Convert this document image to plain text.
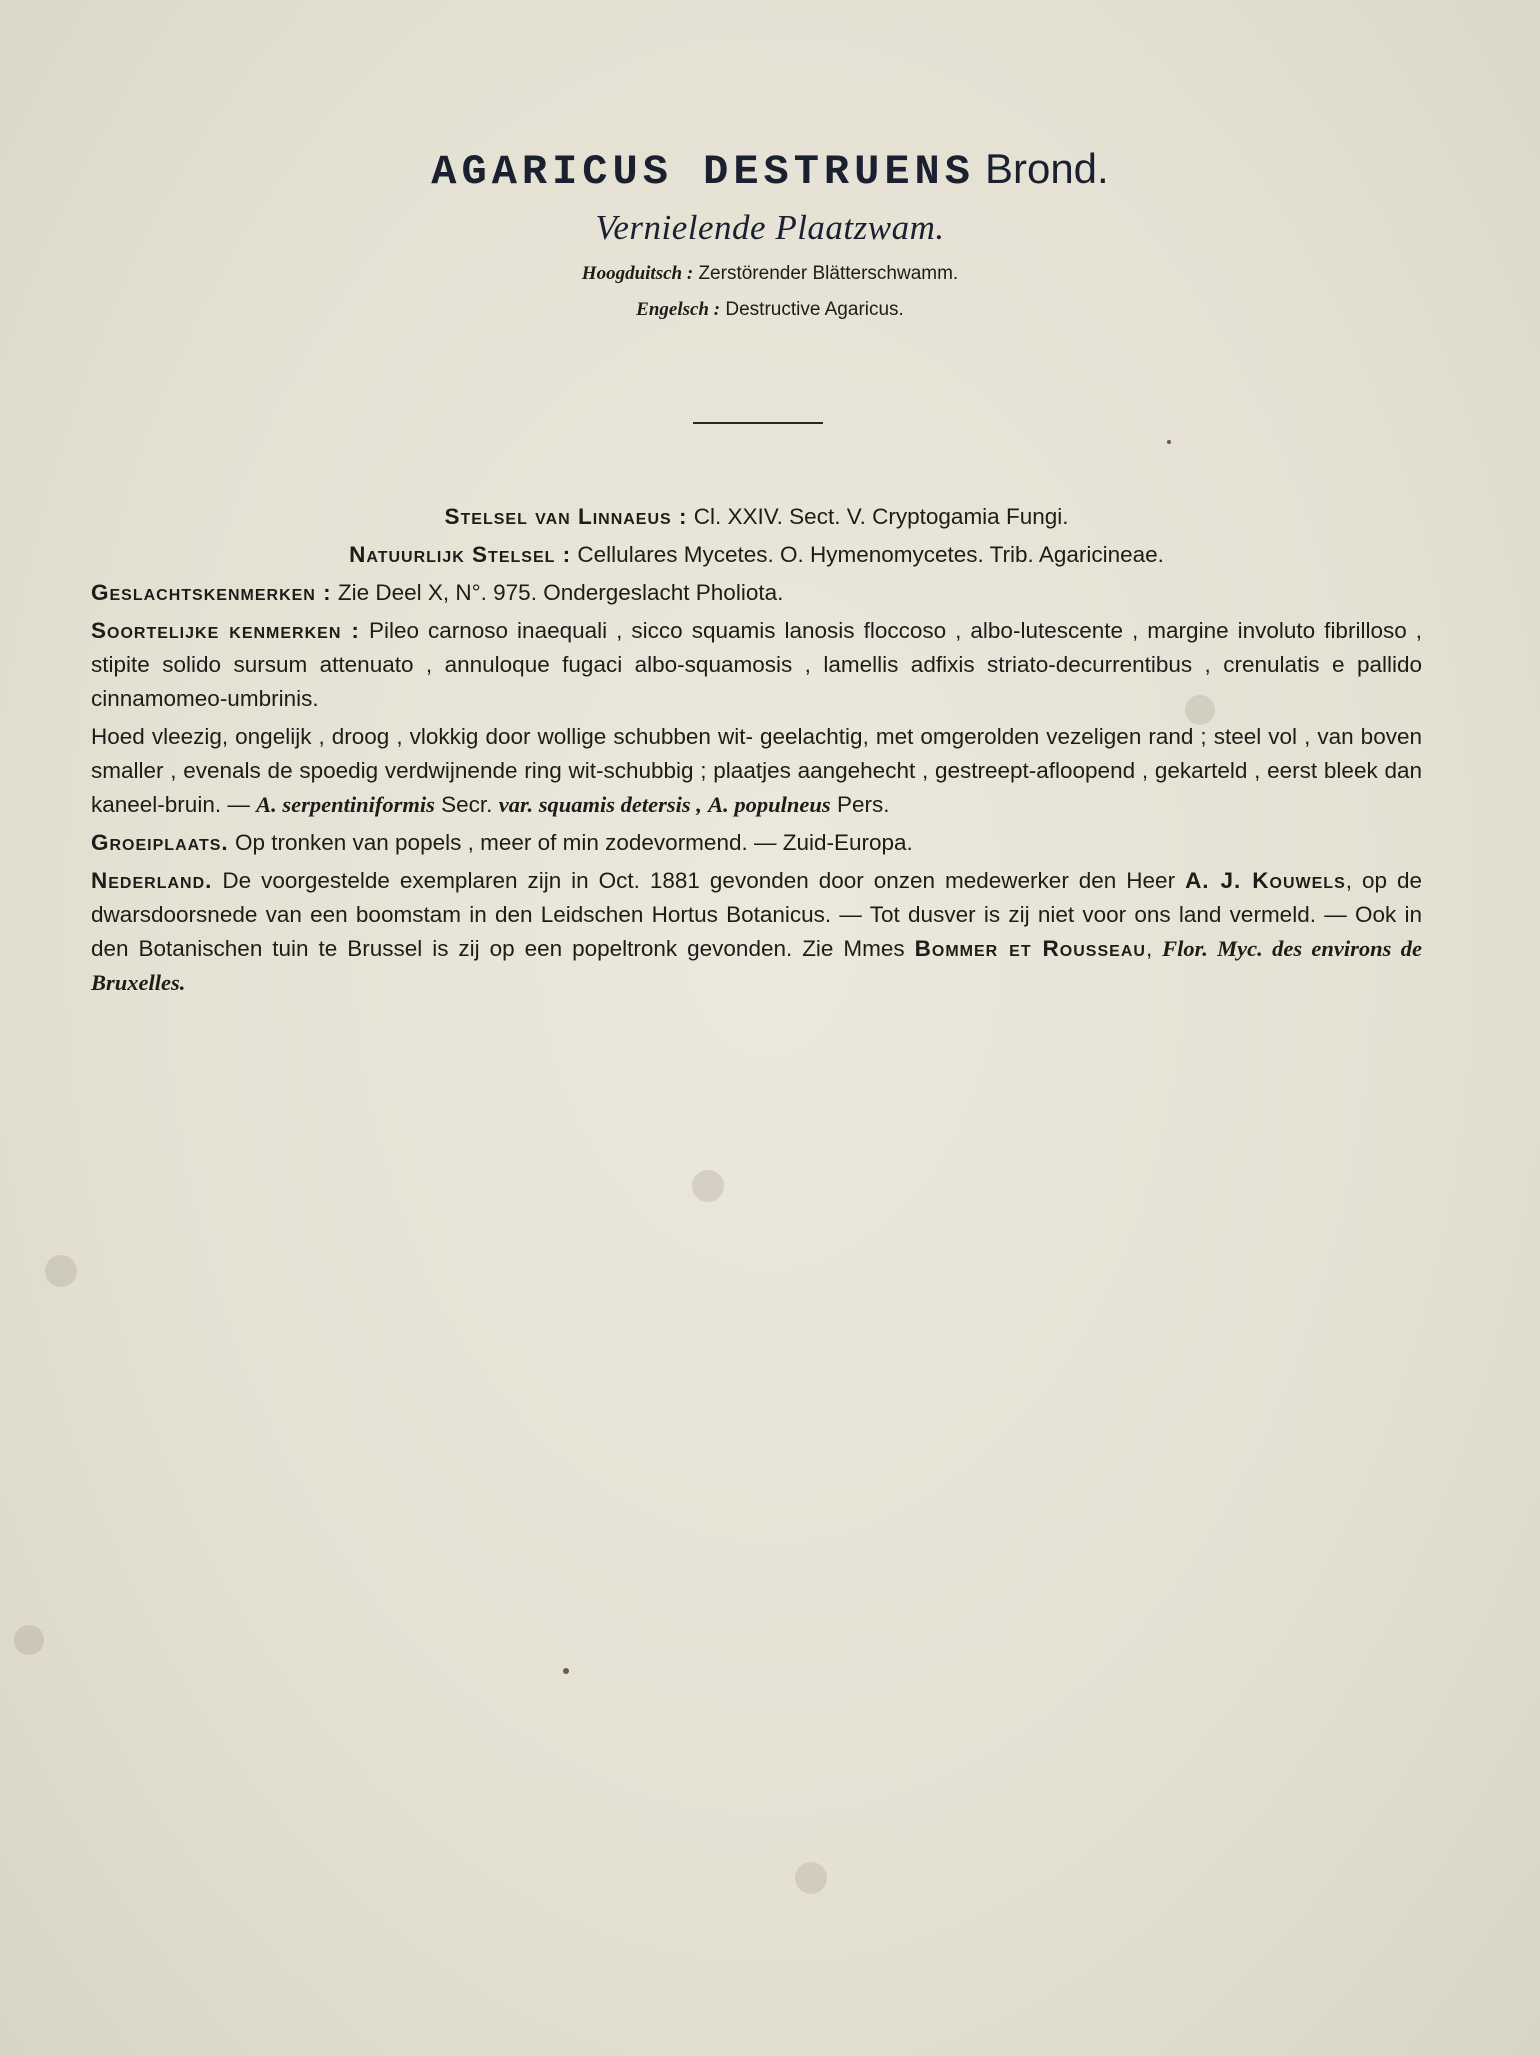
AGARICUS DESTRUENS Brond.
Vernielende Plaatzwam.
Hoogduitsch : Zerstörender Blätterschwamm.
Engelsch : Destructive Agaricus.

Stelsel van Linnaeus : Cl. XXIV. Sect. V. Cryptogamia Fungi.

Natuurlijk Stelsel : Cellulares Mycetes. O. Hymenomycetes. Trib. Agaricineae.

Geslachtskenmerken : Zie Deel X, N°. 975. Ondergeslacht Pholiota.

Soortelijke kenmerken : Pileo carnoso inaequali , sicco squamis lanosis floccoso , albo-lutescente , margine involuto fibrilloso , stipite solido sursum attenuato , annuloque fugaci albo-squamosis , lamellis adfixis striato-decurrentibus , crenulatis e pallido cinnamomeo-umbrinis.

Hoed vleezig, ongelijk , droog , vlokkig door wollige schubben wit- geelachtig, met omgerolden vezeligen rand ; steel vol , van boven smaller , evenals de spoedig verdwijnende ring wit-schubbig ; plaatjes aangehecht , gestreept-afloopend , gekarteld , eerst bleek dan kaneel-bruin. — A. serpentiniformis Secr. var. squamis detersis , A. populneus Pers.

Groeiplaats. Op tronken van popels , meer of min zodevormend. — Zuid-Europa.

Nederland. De voorgestelde exemplaren zijn in Oct. 1881 gevonden door onzen medewerker den Heer A. J. Kouwels, op de dwarsdoorsnede van een boomstam in den Leidschen Hortus Botanicus. — Tot dusver is zij niet voor ons land vermeld. — Ook in den Botanischen tuin te Brussel is zij op een popeltronk gevonden. Zie Mmes Bommer et Rousseau, Flor. Myc. des environs de Bruxelles.
